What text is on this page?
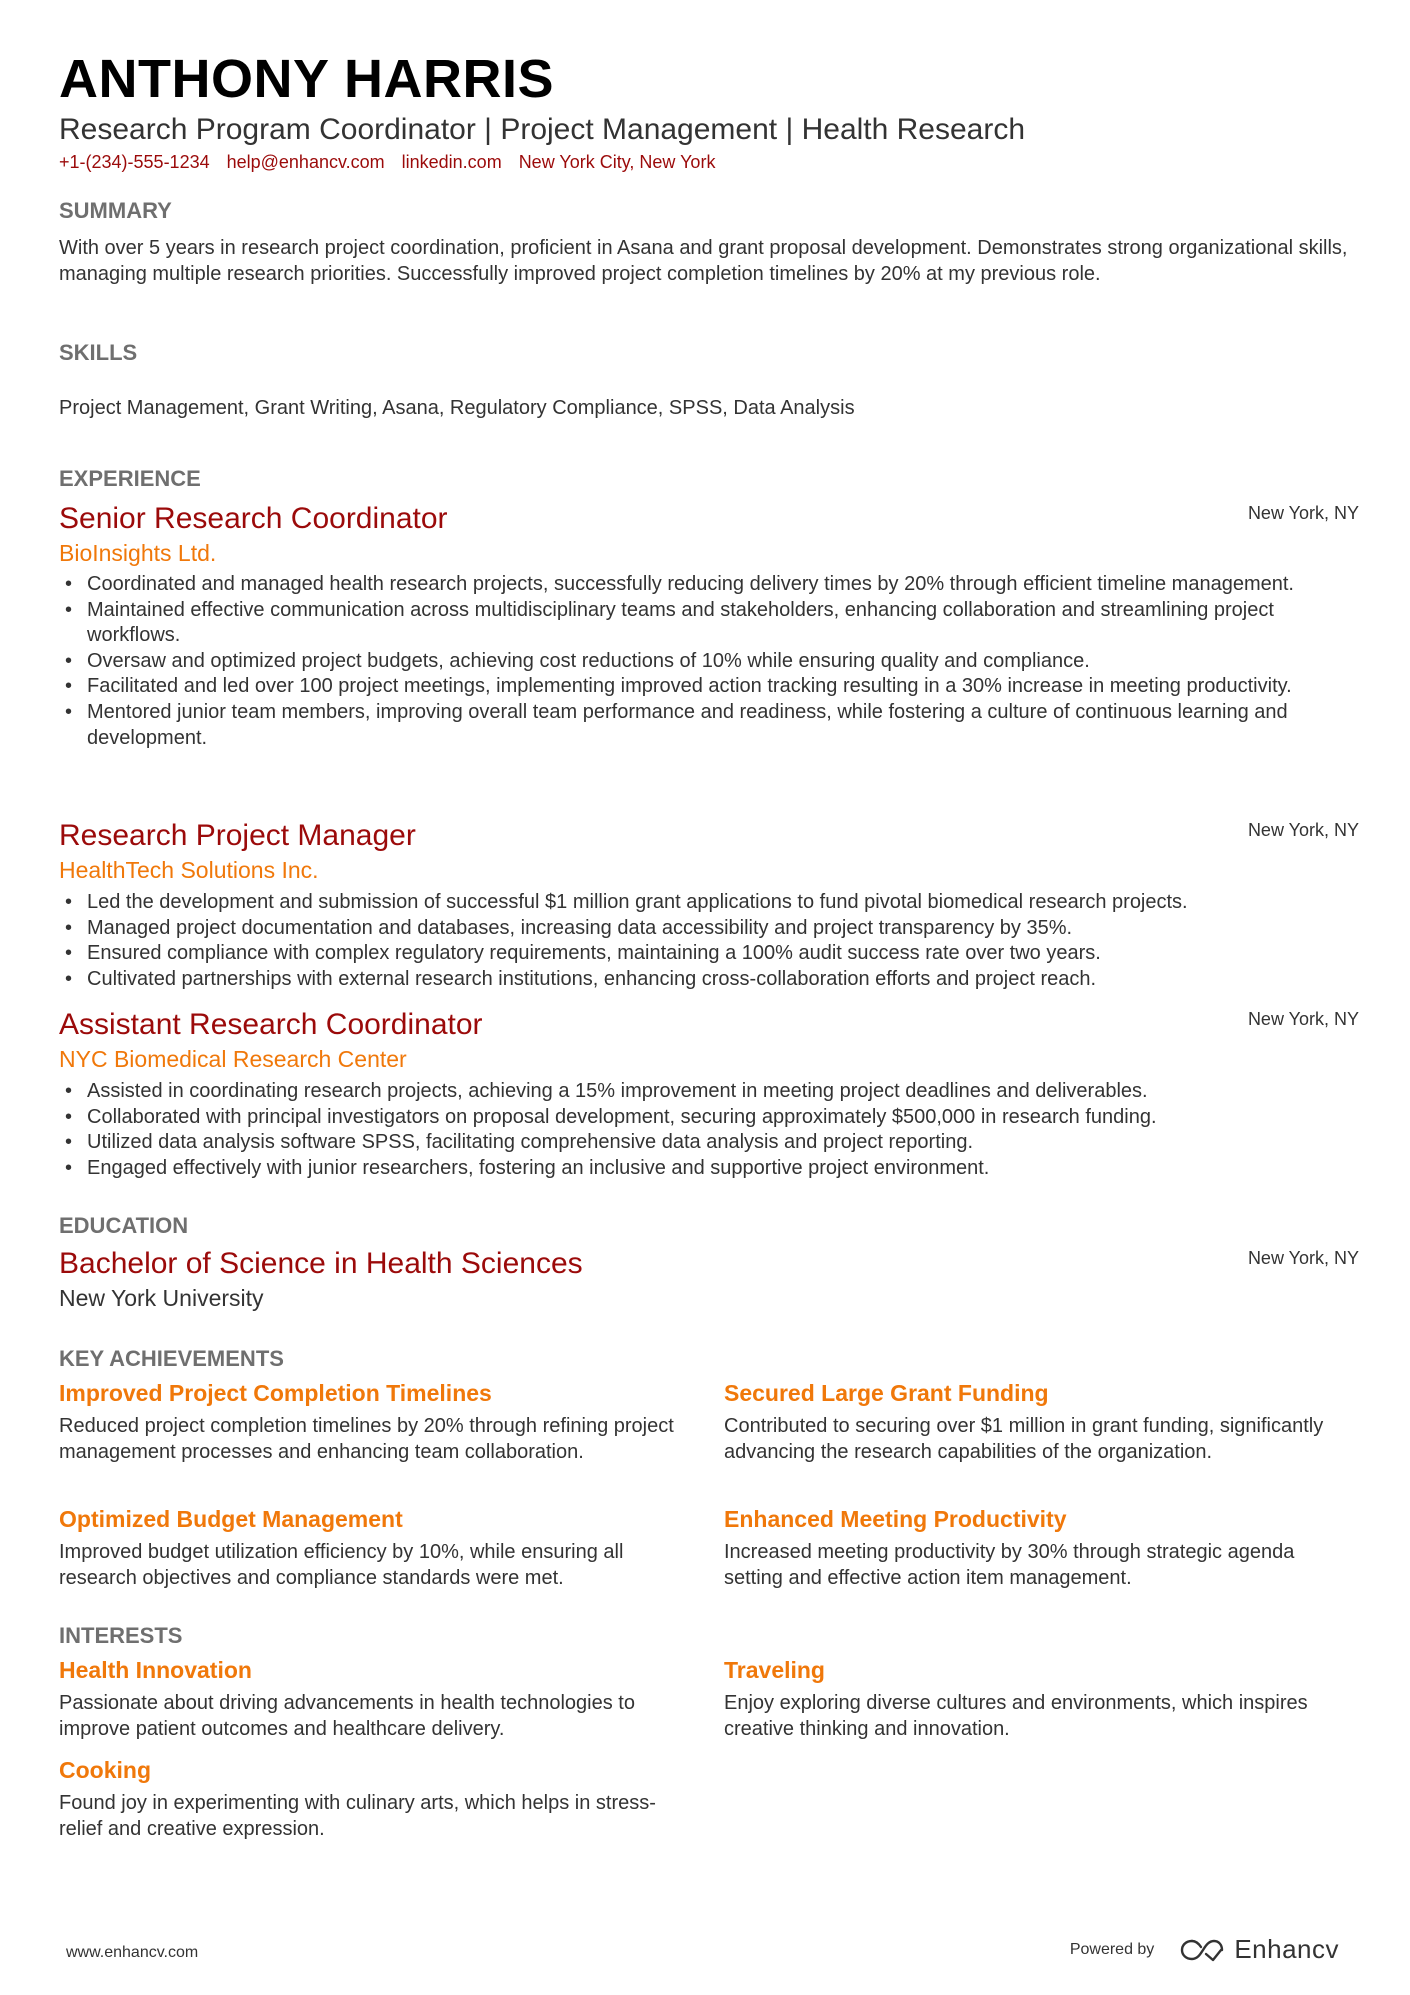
ANTHONY HARRIS
Research Program Coordinator | Project Management | Health Research
+1-(234)-555-1234 help@enhancv.com linkedin.com New York City, New York
SUMMARY
With over 5 years in research project coordination, proficient in Asana and grant proposal development. Demonstrates strong organizational skills, managing multiple research priorities. Successfully improved project completion timelines by 20% at my previous role.
SKILLS
Project Management, Grant Writing, Asana, Regulatory Compliance, SPSS, Data Analysis
EXPERIENCE
Senior Research Coordinator	New York, NY
BioInsights Ltd.
• Coordinated and managed health research projects, successfully reducing delivery times by 20% through efficient timeline management.
• Maintained effective communication across multidisciplinary teams and stakeholders, enhancing collaboration and streamlining project workflows.
• Oversaw and optimized project budgets, achieving cost reductions of 10% while ensuring quality and compliance.
• Facilitated and led over 100 project meetings, implementing improved action tracking resulting in a 30% increase in meeting productivity.
• Mentored junior team members, improving overall team performance and readiness, while fostering a culture of continuous learning and development.
Research Project Manager	New York, NY
HealthTech Solutions Inc.
• Led the development and submission of successful $1 million grant applications to fund pivotal biomedical research projects.
• Managed project documentation and databases, increasing data accessibility and project transparency by 35%.
• Ensured compliance with complex regulatory requirements, maintaining a 100% audit success rate over two years.
• Cultivated partnerships with external research institutions, enhancing cross-collaboration efforts and project reach.
Assistant Research Coordinator	New York, NY
NYC Biomedical Research Center
• Assisted in coordinating research projects, achieving a 15% improvement in meeting project deadlines and deliverables.
• Collaborated with principal investigators on proposal development, securing approximately $500,000 in research funding.
• Utilized data analysis software SPSS, facilitating comprehensive data analysis and project reporting.
• Engaged effectively with junior researchers, fostering an inclusive and supportive project environment.
EDUCATION
Bachelor of Science in Health Sciences	New York, NY
New York University
KEY ACHIEVEMENTS
Improved Project Completion Timelines
Reduced project completion timelines by 20% through refining project management processes and enhancing team collaboration.
Secured Large Grant Funding
Contributed to securing over $1 million in grant funding, significantly advancing the research capabilities of the organization.
Optimized Budget Management
Improved budget utilization efficiency by 10%, while ensuring all research objectives and compliance standards were met.
Enhanced Meeting Productivity
Increased meeting productivity by 30% through strategic agenda setting and effective action item management.
INTERESTS
Health Innovation
Passionate about driving advancements in health technologies to improve patient outcomes and healthcare delivery.
Traveling
Enjoy exploring diverse cultures and environments, which inspires creative thinking and innovation.
Cooking
Found joy in experimenting with culinary arts, which helps in stress-relief and creative expression.
www.enhancv.com	Powered by	Enhancv
